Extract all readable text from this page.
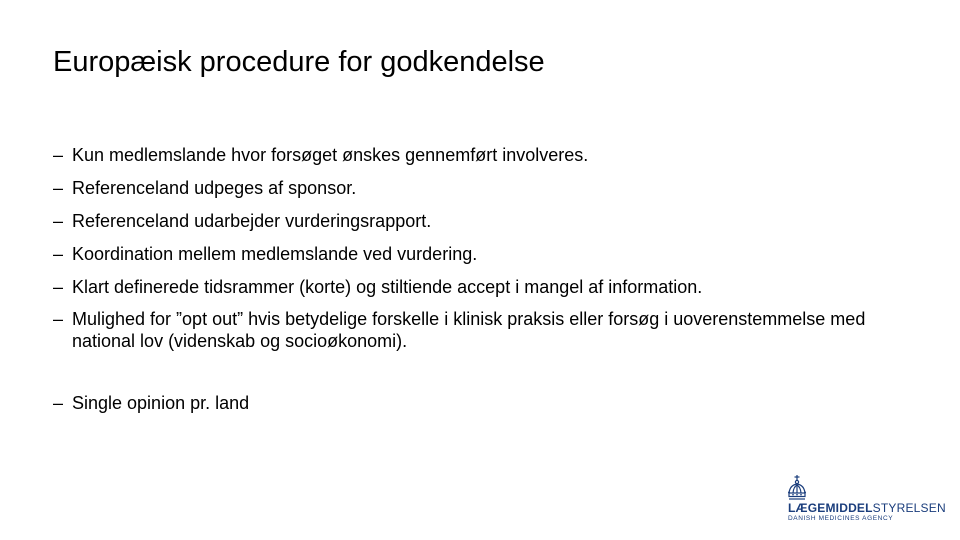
Europæisk procedure for godkendelse
– Kun medlemslande hvor forsøget ønskes gennemført involveres.
– Referenceland udpeges af sponsor.
– Referenceland udarbejder vurderingsrapport.
– Koordination mellem medlemslande ved vurdering.
– Klart definerede tidsrammer (korte) og stiltiende accept i mangel af information.
– Mulighed for ”opt out” hvis betydelige forskelle i klinisk praksis eller forsøg i uoverenstemmelse med national lov (videnskab og socioøkonomi).
– Single opinion pr. land
LÆGEMIDDELSTYRELSEN
DANISH MEDICINES AGENCY
